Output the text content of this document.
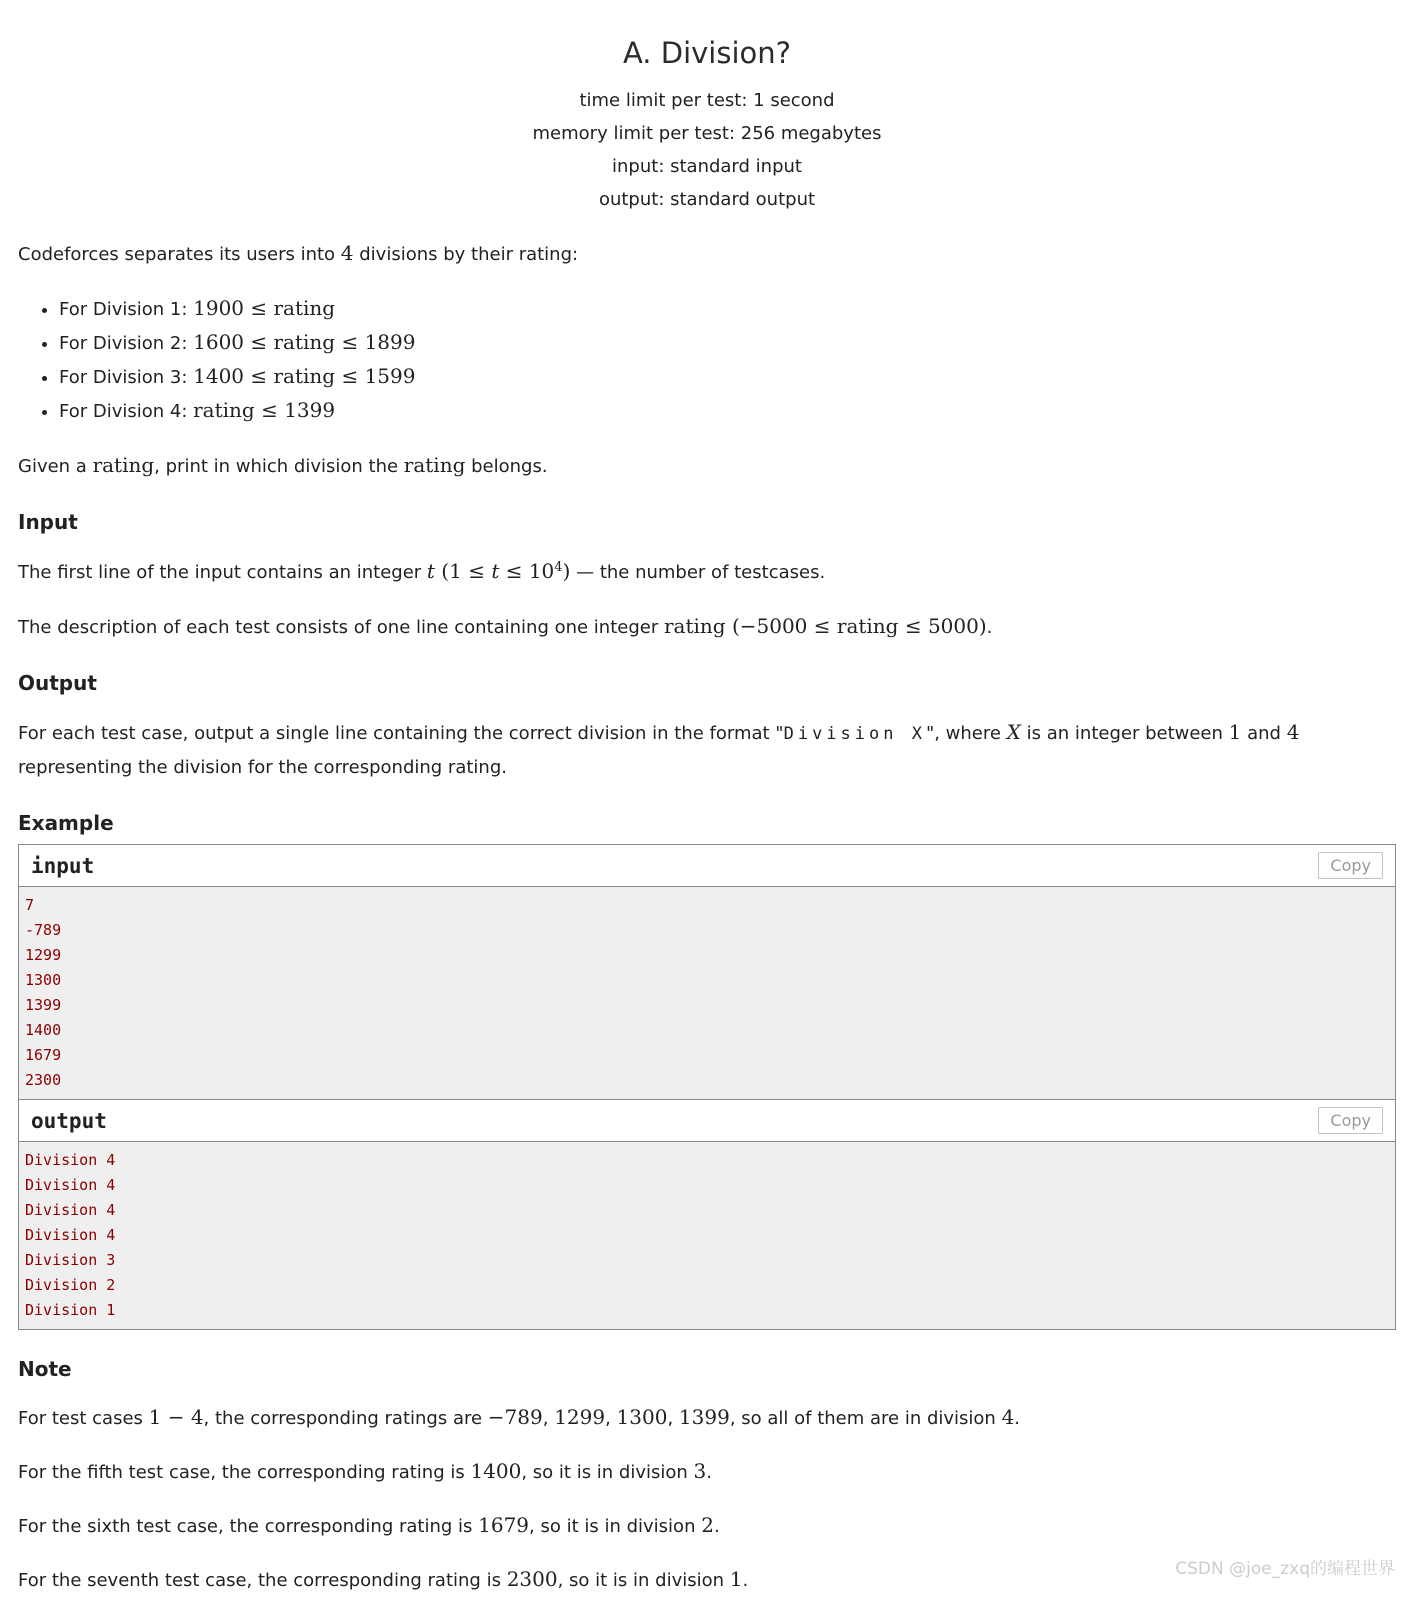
A. Division?
time limit per test: 1 second
memory limit per test: 256 megabytes
input: standard input
output: standard output

Codeforces separates its users into 4 divisions by their rating:

• For Division 1: 1900 ≤ rating
• For Division 2: 1600 ≤ rating ≤ 1899
• For Division 3: 1400 ≤ rating ≤ 1599
• For Division 4: rating ≤ 1399

Given a rating, print in which division the rating belongs.

Input

The first line of the input contains an integer t $(1 \le t \le 10^4)$ — the number of testcases.

The description of each test consists of one line containing one integer rating (−5000 ≤ rating ≤ 5000).

Output

For each test case, output a single line containing the correct division in the format "Division X", where X is an integer between 1 and 4 representing the division for the corresponding rating.

Example
input	Copy
7
-789
1299
1300
1399
1400
1679
2300
output	Copy
Division 4
Division 4
Division 4
Division 4
Division 3
Division 2
Division 1
Note

For test cases 1 − 4, the corresponding ratings are −789, 1299, 1300, 1399, so all of them are in division 4.

For the fifth test case, the corresponding rating is 1400, so it is in division 3.

For the sixth test case, the corresponding rating is 1679, so it is in division 2.

For the seventh test case, the corresponding rating is 2300, so it is in division 1.

CSDN @joe_zxq的编程世界
